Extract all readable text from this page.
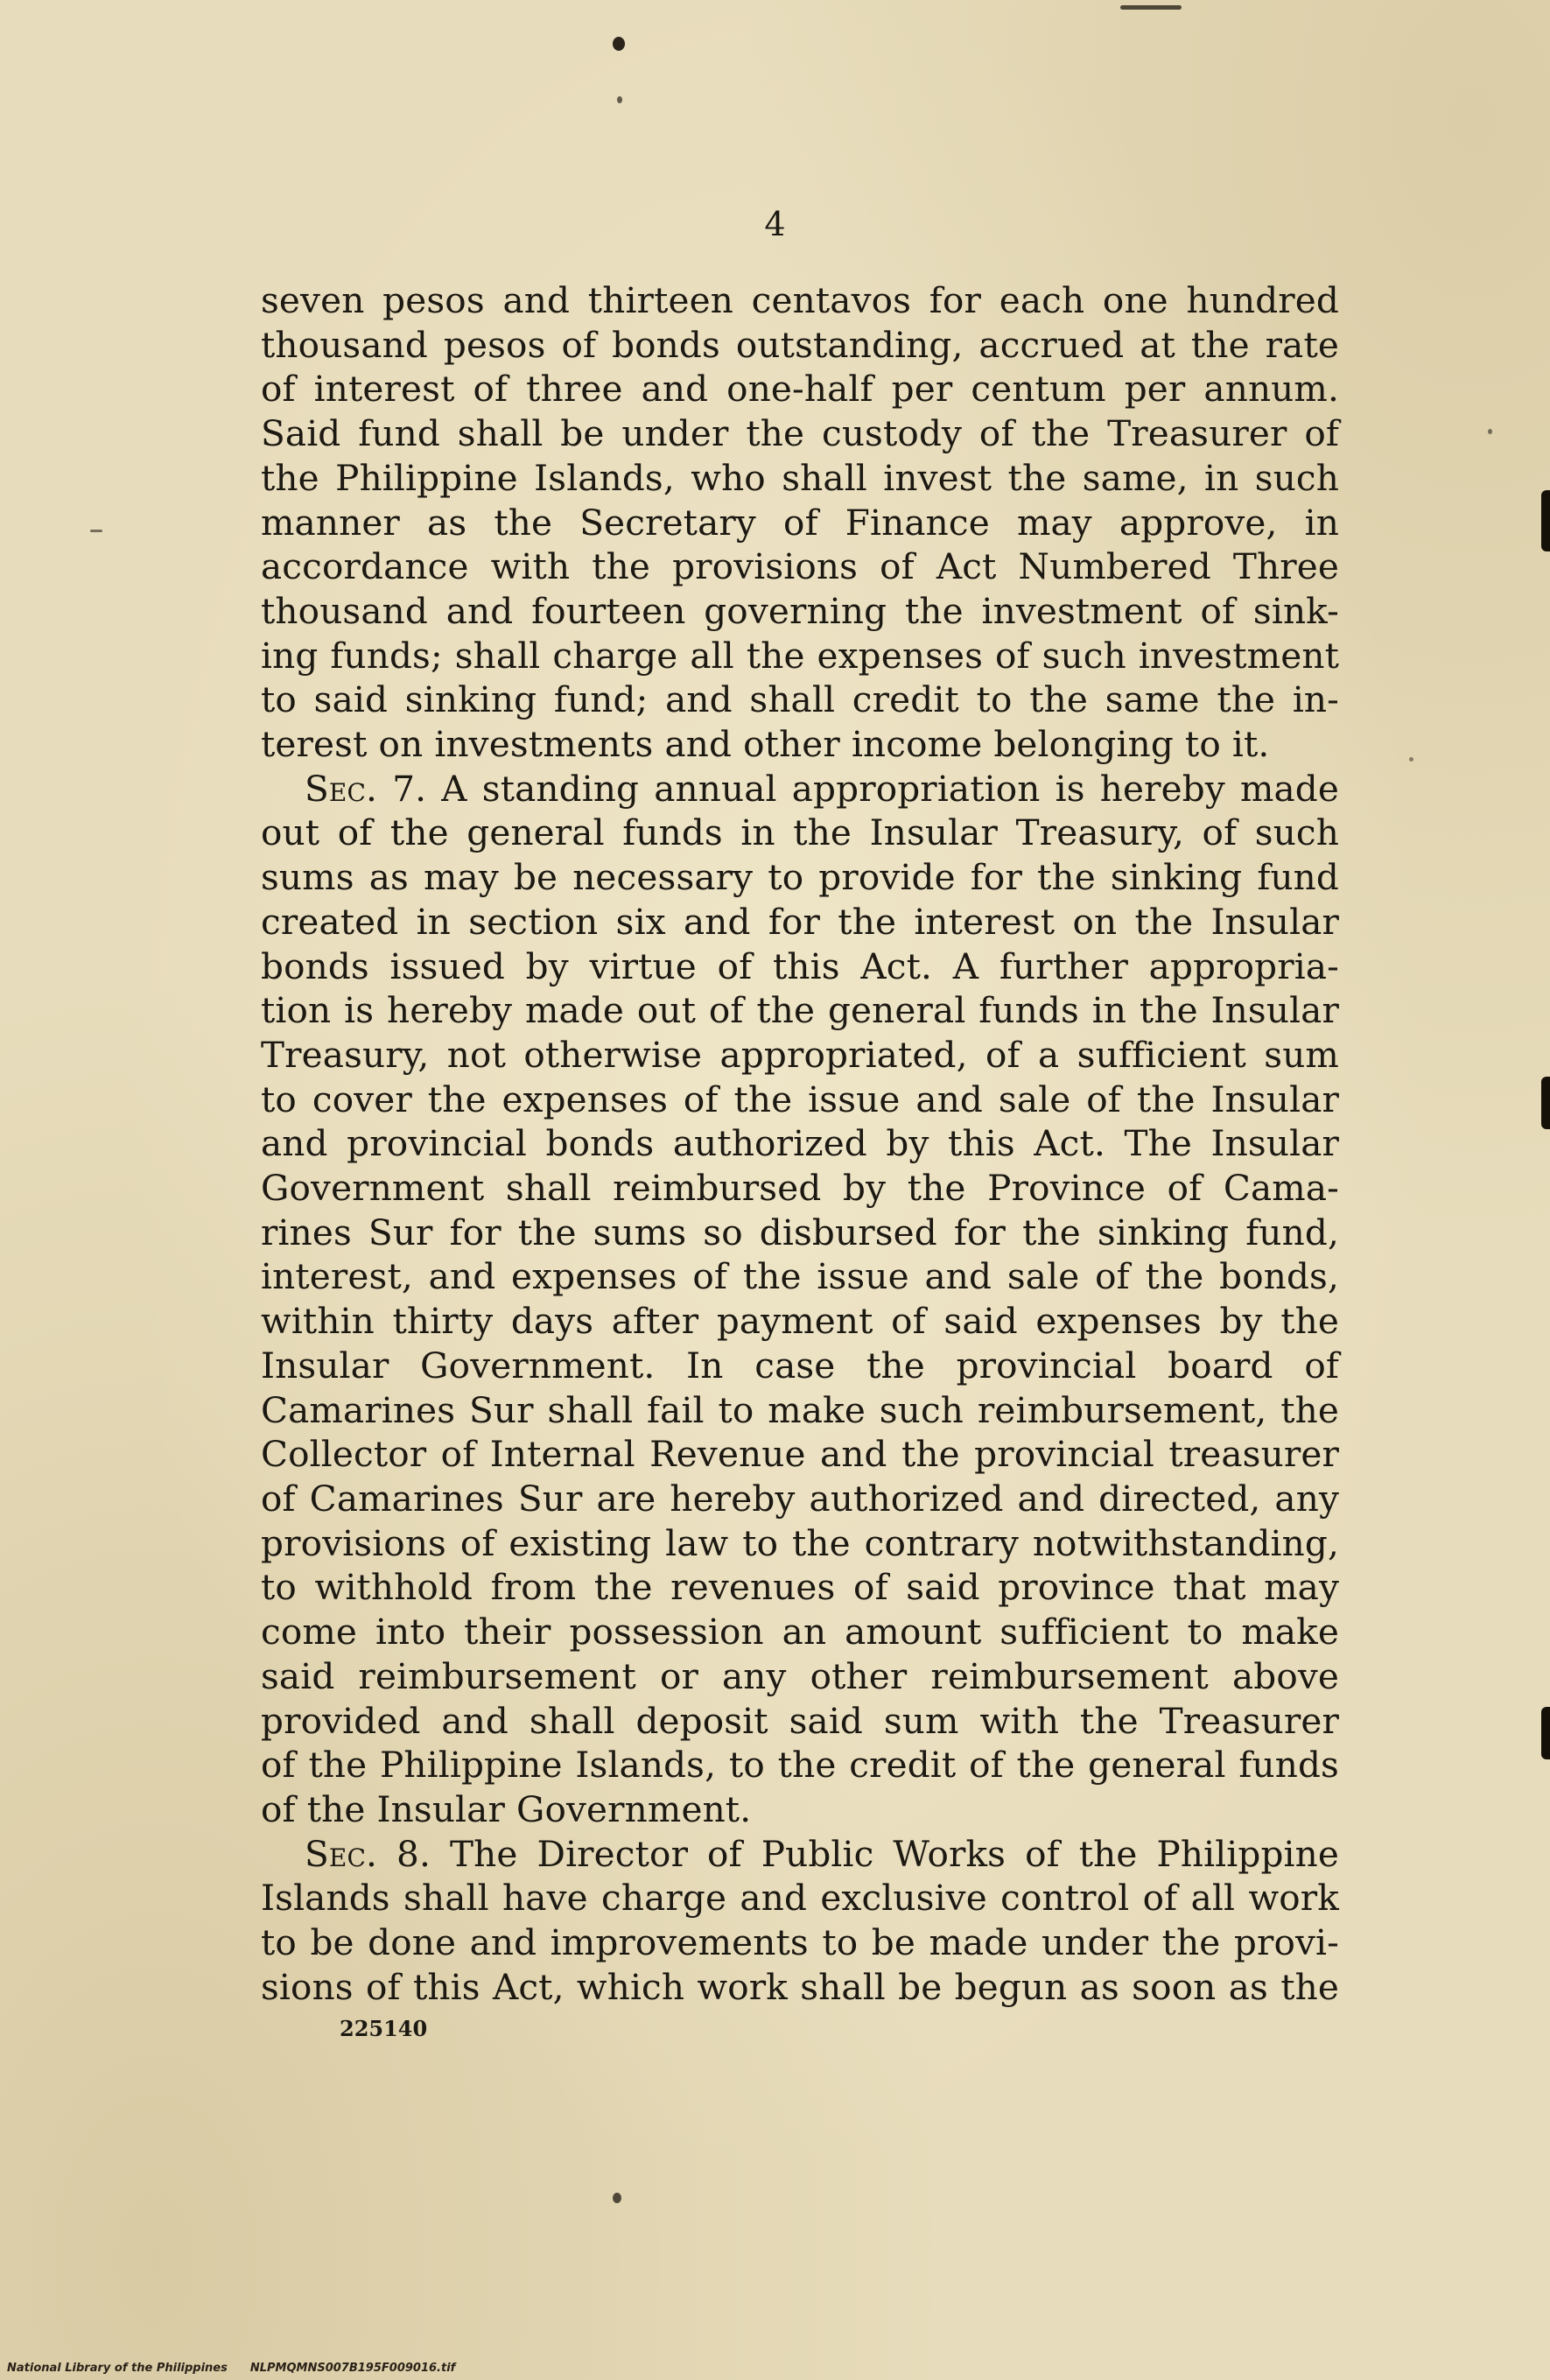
4
seven pesos and thirteen centavos for each one hundred
thousand pesos of bonds outstanding, accrued at the rate
of interest of three and one-half per centum per annum.
Said fund shall be under the custody of the Treasurer of
the Philippine Islands, who shall invest the same, in such
manner as the Secretary of Finance may approve, in
accordance with the provisions of Act Numbered Three
thousand and fourteen governing the investment of sink-
ing funds; shall charge all the expenses of such investment
to said sinking fund; and shall credit to the same the in-
terest on investments and other income belonging to it.
Sec. 7. A standing annual appropriation is hereby made
out of the general funds in the Insular Treasury, of such
sums as may be necessary to provide for the sinking fund
created in section six and for the interest on the Insular
bonds issued by virtue of this Act. A further appropria-
tion is hereby made out of the general funds in the Insular
Treasury, not otherwise appropriated, of a sufficient sum
to cover the expenses of the issue and sale of the Insular
and provincial bonds authorized by this Act. The Insular
Government shall reimbursed by the Province of Cama-
rines Sur for the sums so disbursed for the sinking fund,
interest, and expenses of the issue and sale of the bonds,
within thirty days after payment of said expenses by the
Insular Government. In case the provincial board of
Camarines Sur shall fail to make such reimbursement, the
Collector of Internal Revenue and the provincial treasurer
of Camarines Sur are hereby authorized and directed, any
provisions of existing law to the contrary notwithstanding,
to withhold from the revenues of said province that may
come into their possession an amount sufficient to make
said reimbursement or any other reimbursement above
provided and shall deposit said sum with the Treasurer
of the Philippine Islands, to the credit of the general funds
of the Insular Government.
Sec. 8. The Director of Public Works of the Philippine
Islands shall have charge and exclusive control of all work
to be done and improvements to be made under the provi-
sions of this Act, which work shall be begun as soon as the
225140
National Library of the Philippines NLPMQMNS007B195F009016.tif
